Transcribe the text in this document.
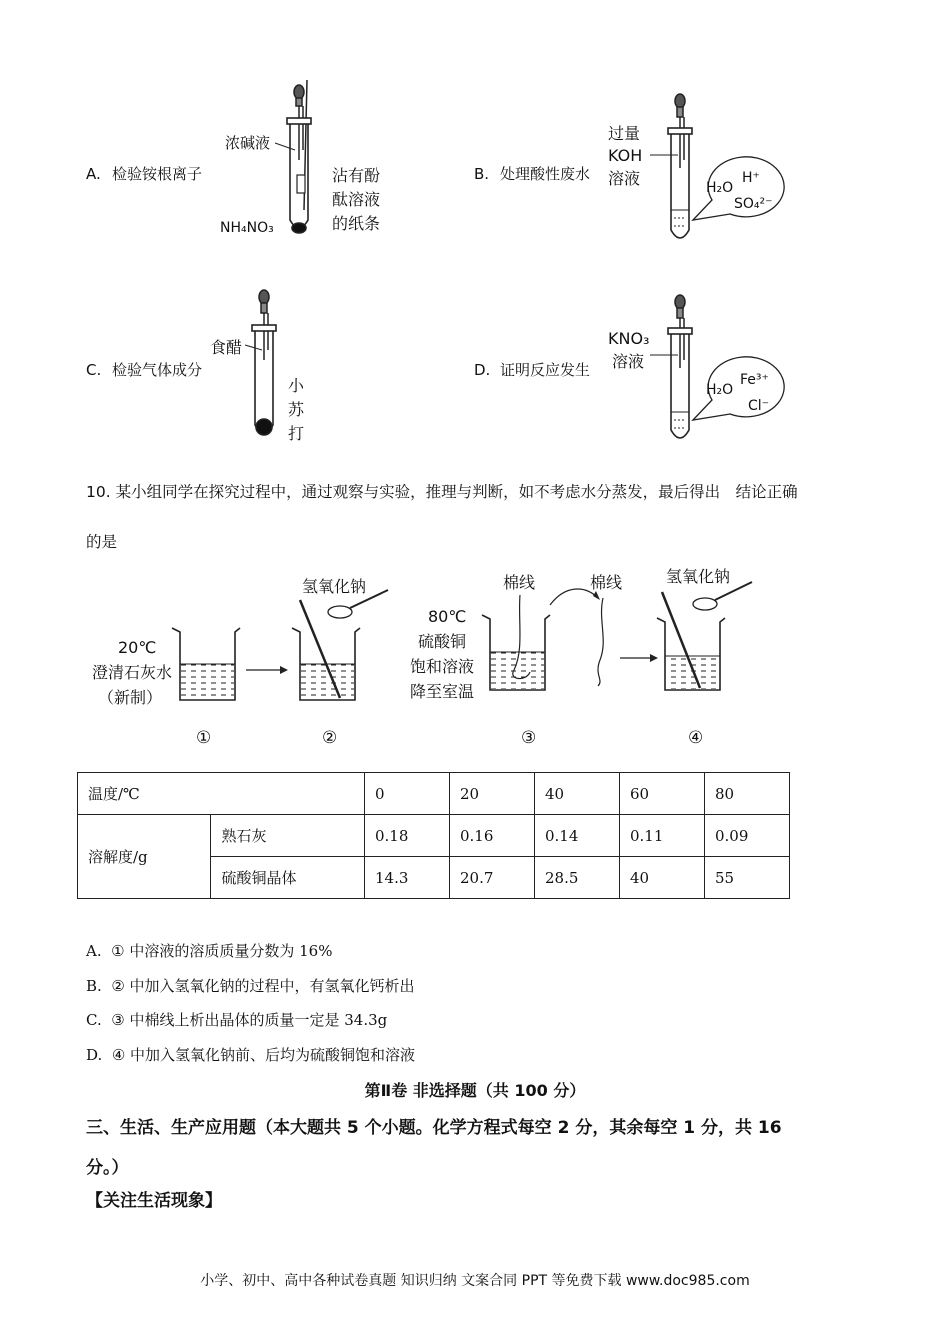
A. 检验铵根离子
浓碱液
沾有酚
酞溶液
的纸条
NH₄NO₃
B. 处理酸性废水
过量
KOH
溶液	H₂O
H⁺
SO₄²⁻
C. 检验气体成分
食醋
小
苏
打
D. 证明反应发生
KNO₃
溶液
H₂O
Fe³⁺
Cl⁻
10. 某小组同学在探究过程中，通过观察与实验，推理与判断，如不考虑水分蒸发，最后得出　结论正确
的是
20℃
澄清石灰水
（新制）
氢氧化钠	棉线
80℃
硫酸铜
饱和溶液
降至室温
棉线	氢氧化钠
①	②	③	④
温度/℃		0	20	40	60	80
溶解度/g	熟石灰	0.18	0.16	0.14	0.11	0.09
	硫酸铜晶体	14.3	20.7	28.5	40	55
A. ① 中溶液的溶质质量分数为 16%
B. ② 中加入氢氧化钠的过程中，有氢氧化钙析出
C. ③ 中棉线上析出晶体的质量一定是 34.3g
D. ④ 中加入氢氧化钠前、后均为硫酸铜饱和溶液
第Ⅱ卷 非选择题（共 100 分）
三、生活、生产应用题（本大题共 5 个小题。化学方程式每空 2 分，其余每空 1 分，共 16
分。）
【关注生活现象】
小学、初中、高中各种试卷真题 知识归纳 文案合同 PPT 等免费下载 www.doc985.com
